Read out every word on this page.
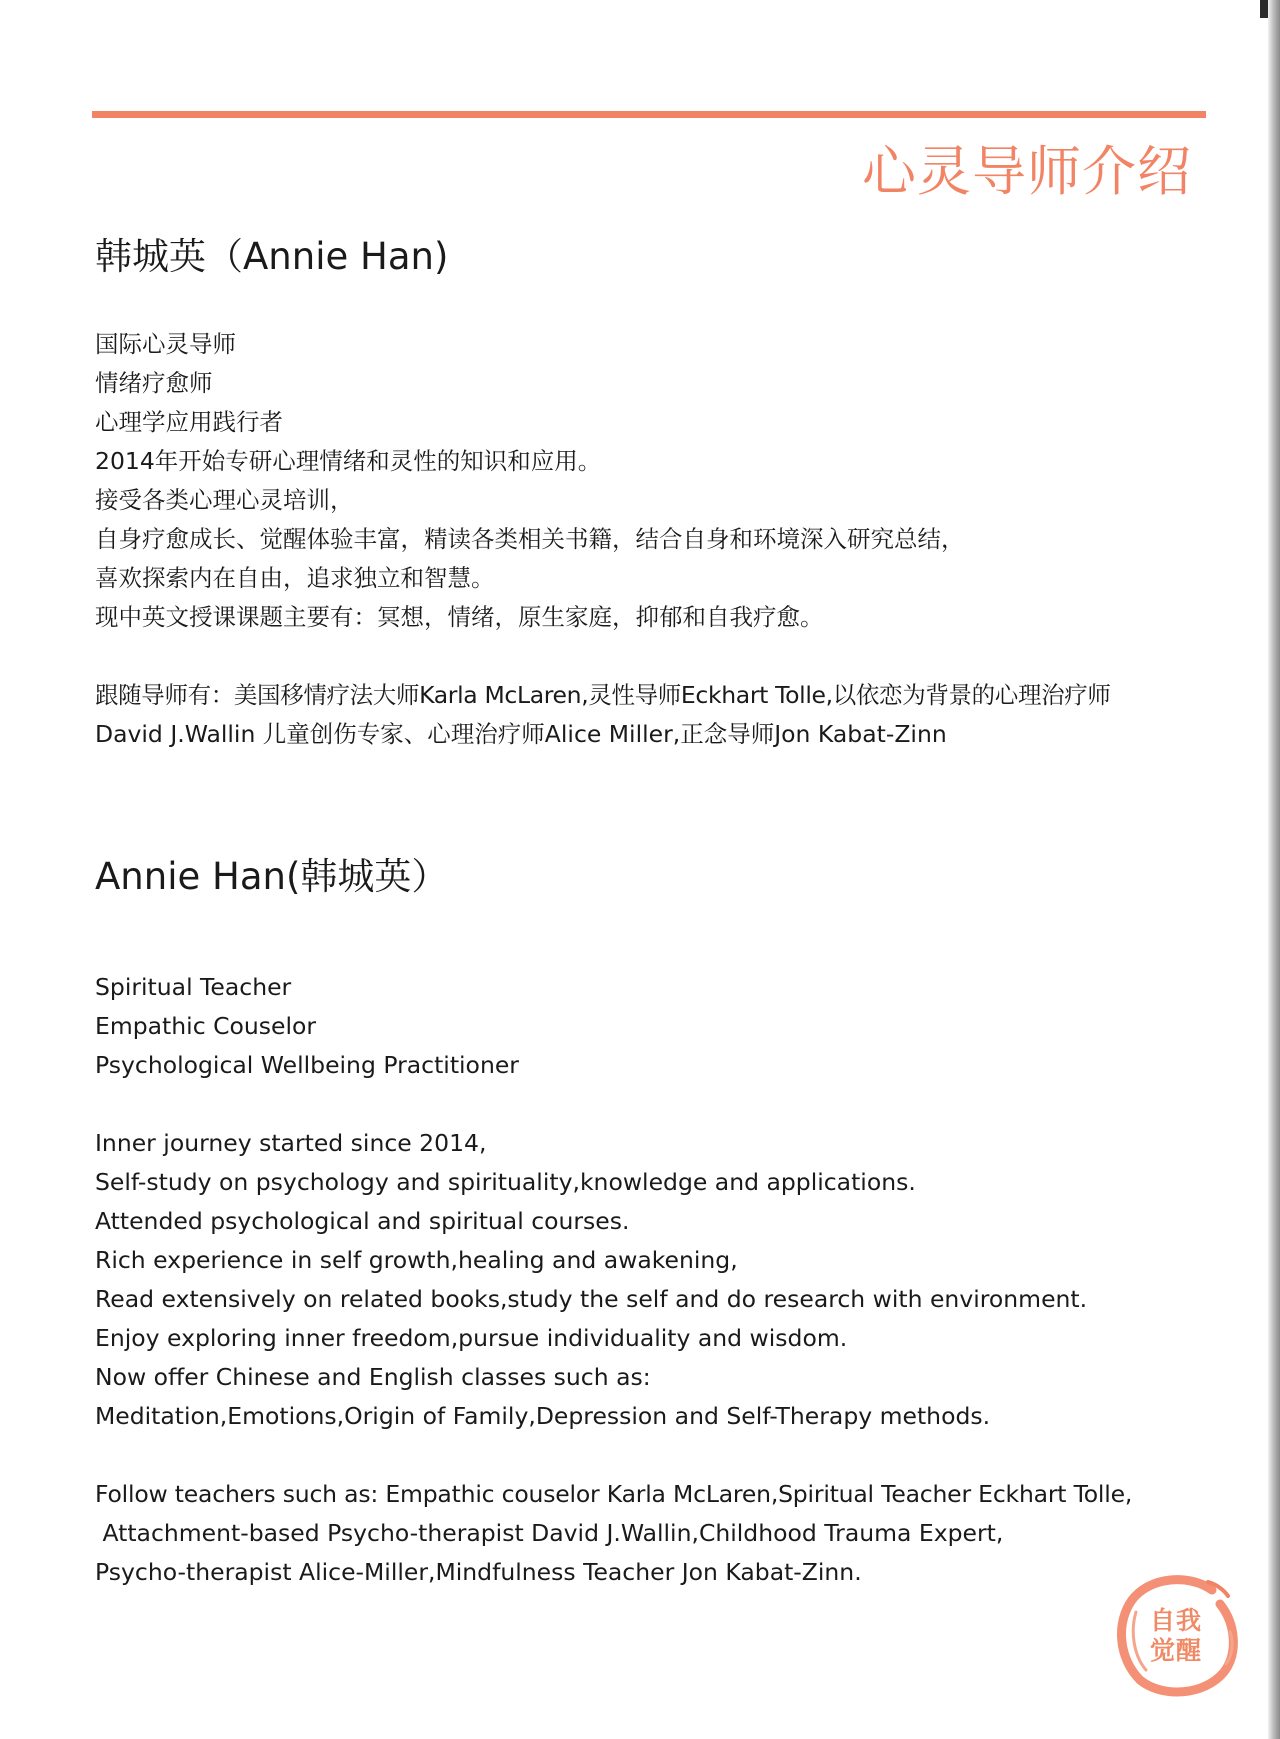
心灵导师介绍
韩城英（Annie Han)
国际心灵导师
情绪疗愈师
心理学应用践行者
2014年开始专研心理情绪和灵性的知识和应用。
接受各类心理心灵培训，
自身疗愈成长、觉醒体验丰富，精读各类相关书籍，结合自身和环境深入研究总结，
喜欢探索内在自由，追求独立和智慧。
现中英文授课课题主要有：冥想，情绪，原生家庭，抑郁和自我疗愈。
跟随导师有：美国移情疗法大师Karla McLaren,灵性导师Eckhart Tolle,以依恋为背景的心理治疗师
David J.Wallin 儿童创伤专家、心理治疗师Alice Miller,正念导师Jon Kabat-Zinn
Annie Han(韩城英）
Spiritual Teacher
Empathic Couselor
Psychological Wellbeing Practitioner
Inner journey started since 2014,
Self-study on psychology and spirituality,knowledge and applications.
Attended psychological and spiritual courses.
Rich experience in self growth,healing and awakening,
Read extensively on related books,study the self and do research with environment.
Enjoy exploring inner freedom,pursue individuality and wisdom.
Now offer Chinese and English classes such as:
Meditation,Emotions,Origin of Family,Depression and Self-Therapy methods.
Follow teachers such as: Empathic couselor Karla McLaren,Spiritual Teacher Eckhart Tolle,
Attachment-based Psycho-therapist David J.Wallin,Childhood Trauma Expert,
Psycho-therapist Alice-Miller,Mindfulness Teacher Jon Kabat-Zinn.
自我
觉醒
